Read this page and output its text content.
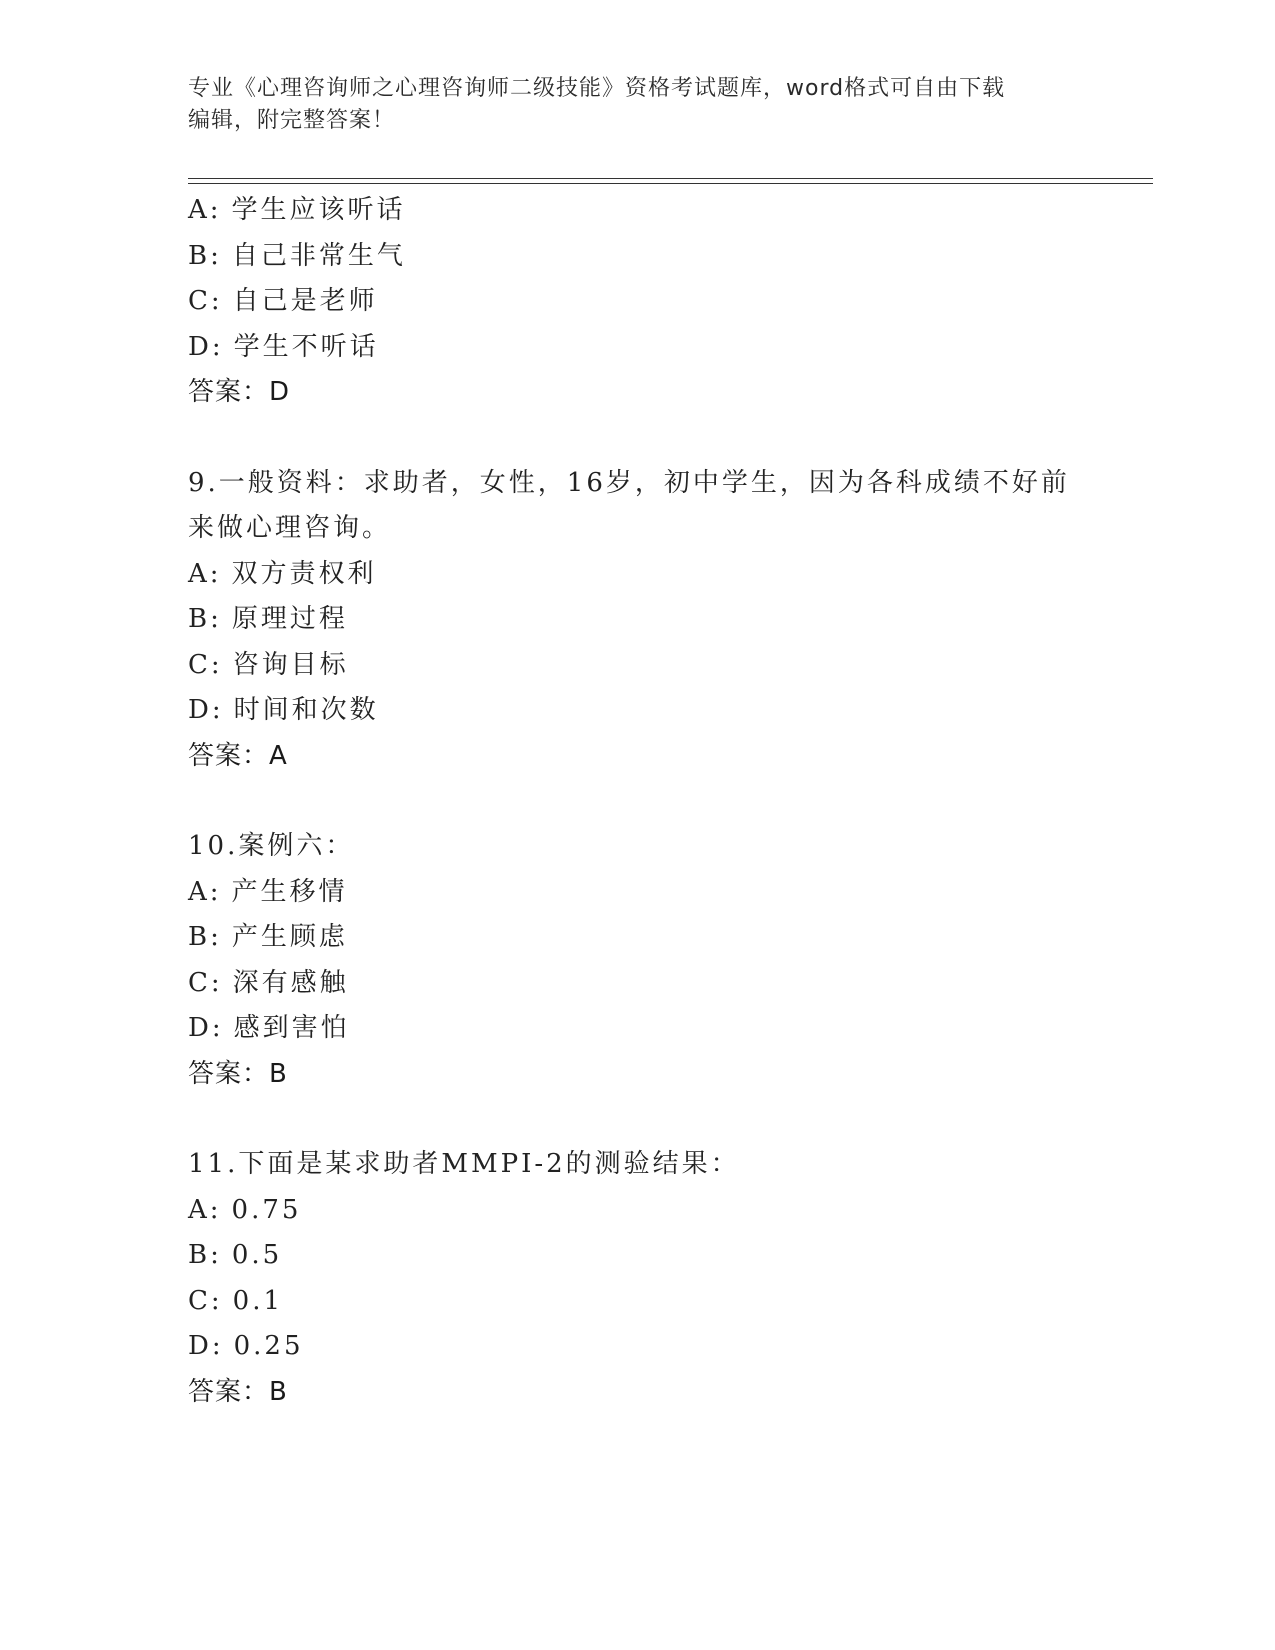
专业《心理咨询师之心理咨询师二级技能》资格考试题库，word格式可自由下载
编辑，附完整答案！
A: 学生应该听话
B: 自己非常生气
C: 自己是老师
D: 学生不听话
答案：D
9.一般资料：求助者，女性，16岁，初中学生，因为各科成绩不好前
来做心理咨询。
A: 双方责权利
B: 原理过程
C: 咨询目标
D: 时间和次数
答案：A
10.案例六：
A: 产生移情
B: 产生顾虑
C: 深有感触
D: 感到害怕
答案：B
11.下面是某求助者MMPI-2的测验结果：
A: 0.75
B: 0.5
C: 0.1
D: 0.25
答案：B
